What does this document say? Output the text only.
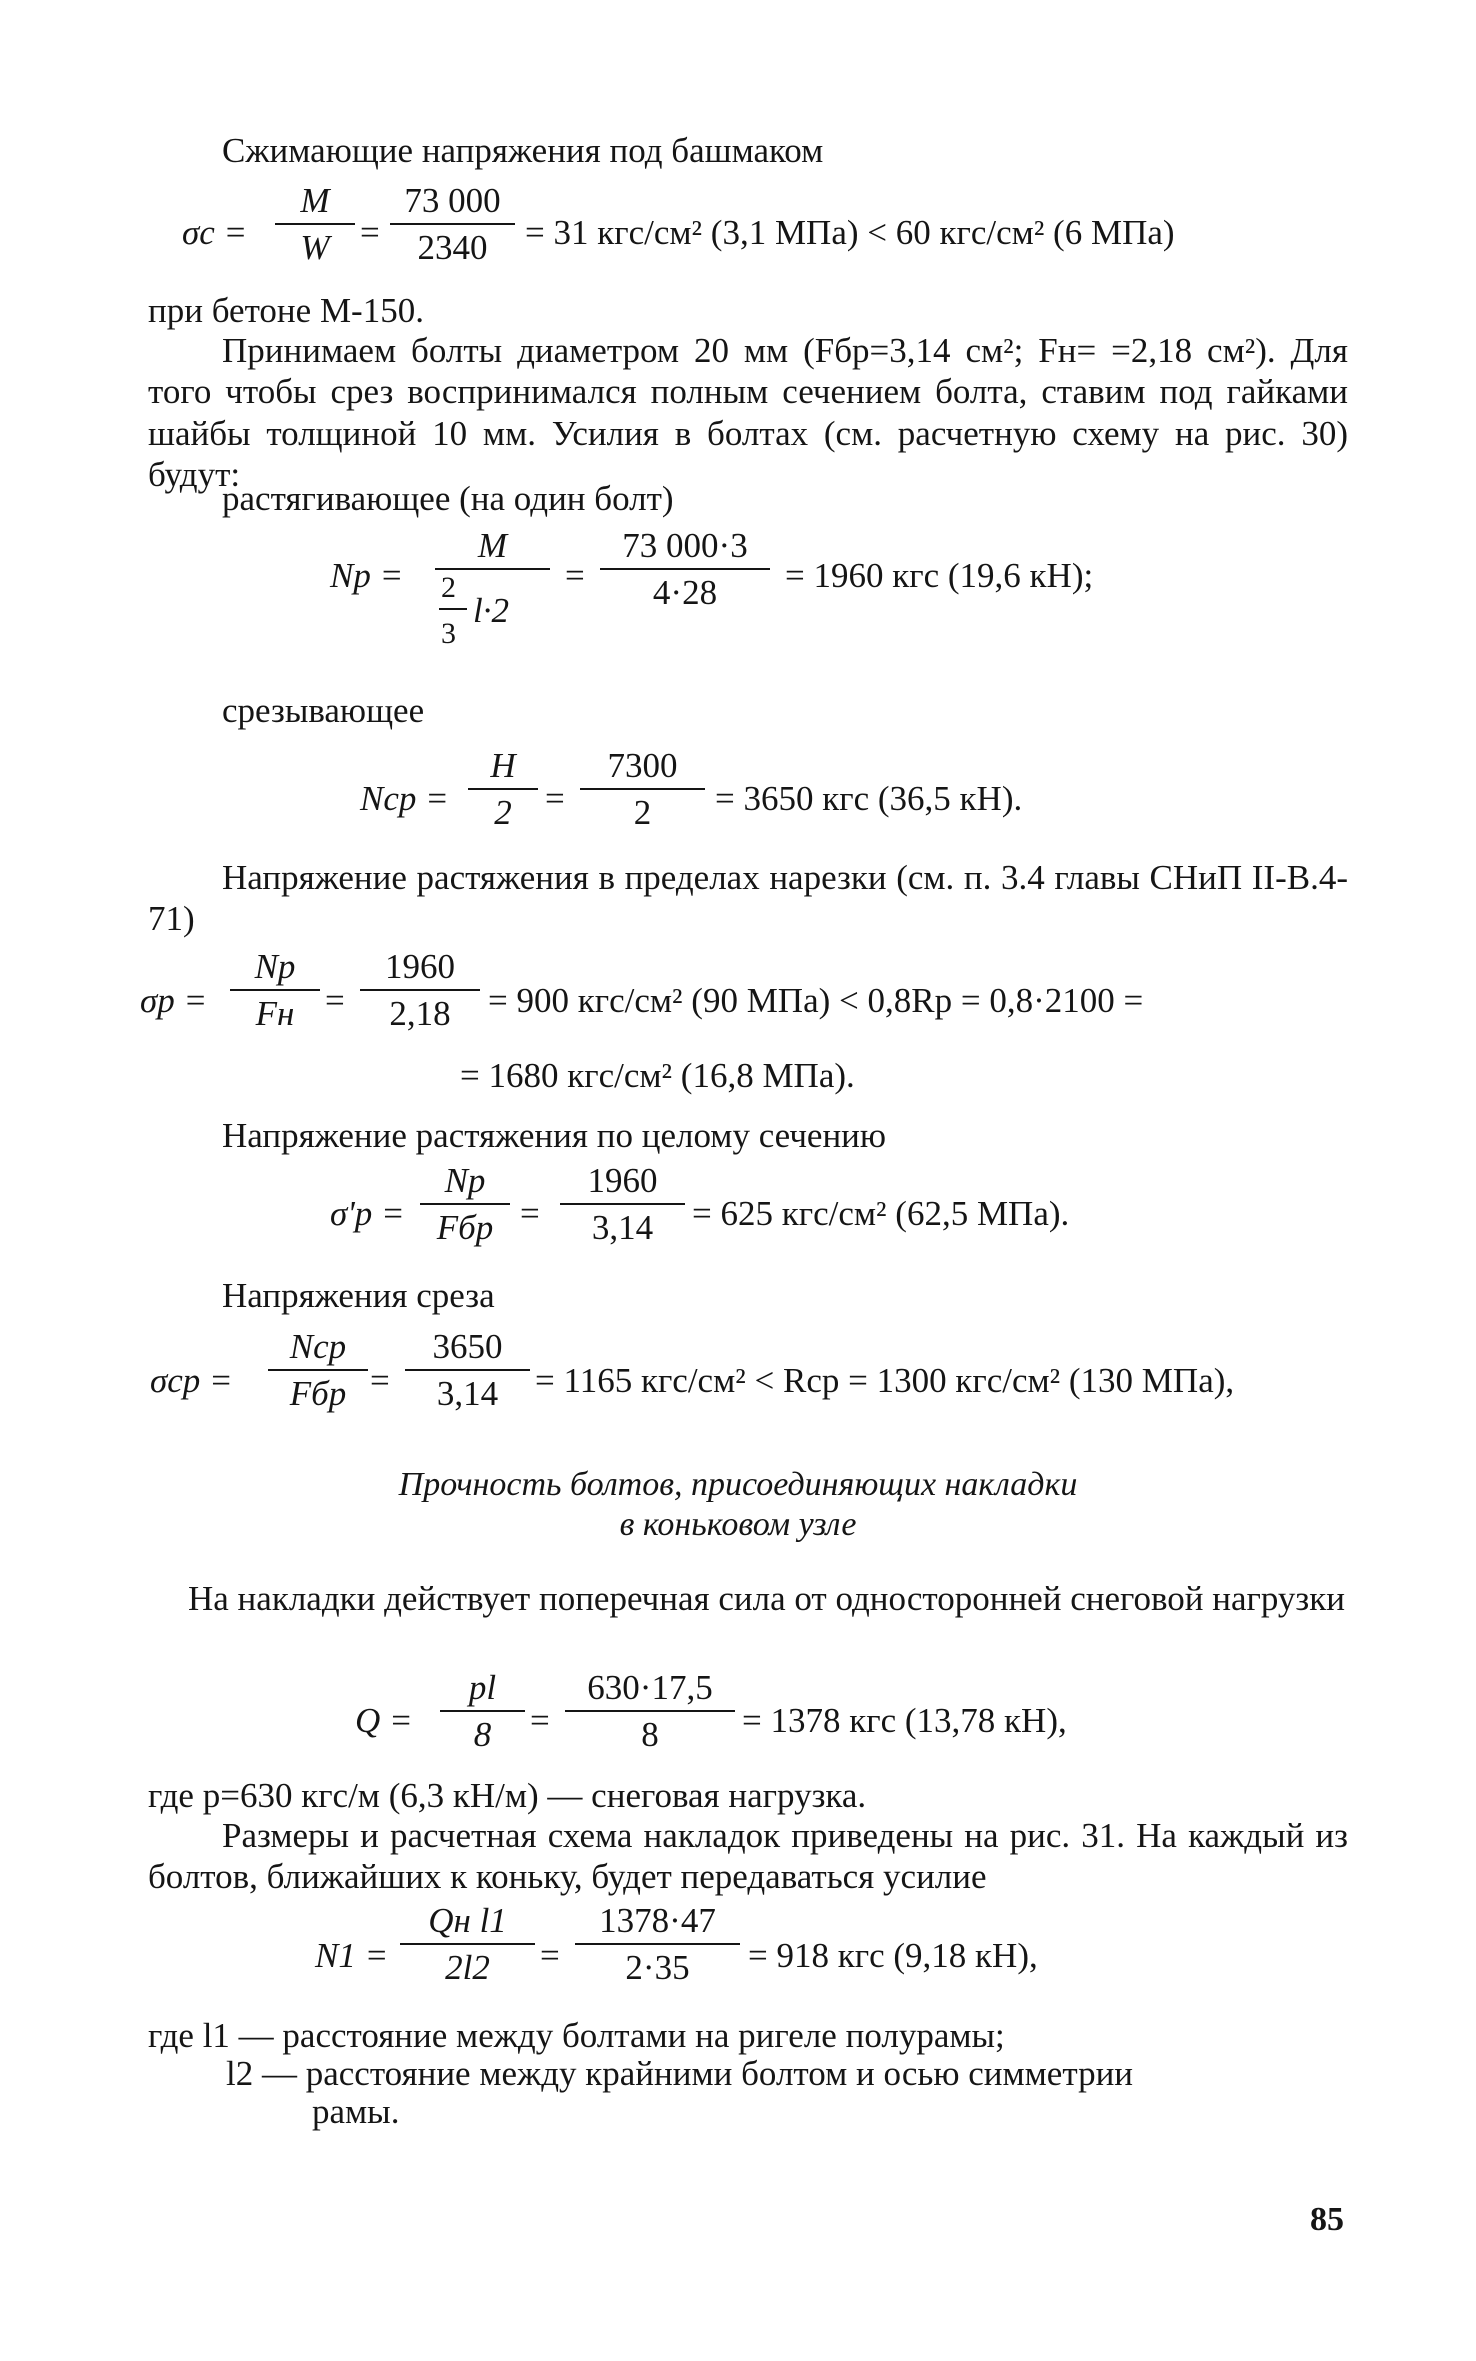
Сжимающие напряжения под башмаком
σс =
M
W =
73 000
2340	= 31 кгс/см² (3,1 МПа) < 60 кгс/см² (6 МПа)
при бетоне М-150.
Принимаем болты диаметром 20 мм (Fбр=3,14 см²; Fн= =2,18 см²). Для того чтобы срез воспринимался полным сечением болта, ставим под гайками шайбы толщиной 10 мм. Усилия в болтах (см. расчетную схему на рис. 30) будут:
растягивающее (на один болт)
Nр =
M
2
3
l·2
=
73 000·3
4·28	= 1960 кгс (19,6 кН);
срезывающее
Nср =
H
2 =
7300
2	= 3650 кгс (36,5 кН).
Напряжение растяжения в пределах нарезки (см. п. 3.4 главы СНиП II-В.4-71)
σр =
Nр
Fн =
1960
2,18	= 900 кгс/см² (90 МПа) < 0,8Rр = 0,8·2100 =
= 1680 кгс/см² (16,8 МПа).
Напряжение растяжения по целому сечению
σ'р =
Nр
Fбр =
1960
3,14	= 625 кгс/см² (62,5 МПа).
Напряжения среза
σср =
Nср
Fбр =
3650
3,14	= 1165 кгс/см² < Rср = 1300 кгс/см² (130 МПа),
Прочность болтов, присоединяющих накладки
в коньковом узле
На накладки действует поперечная сила от односторонней снеговой нагрузки
Q =
pl
8	=
630·17,5
8	= 1378 кгс (13,78 кН),
где p=630 кгс/м (6,3 кН/м) — снеговая нагрузка.
Размеры и расчетная схема накладок приведены на рис. 31. На каждый из болтов, ближайших к коньку, будет передаваться усилие
N1 =
Qн l1
2l2	=
1378·47
2·35	= 918 кгс (9,18 кН),
где l1 — расстояние между болтами на ригеле полурамы;
l2 — расстояние между крайними болтом и осью симметрии
рамы.
85
